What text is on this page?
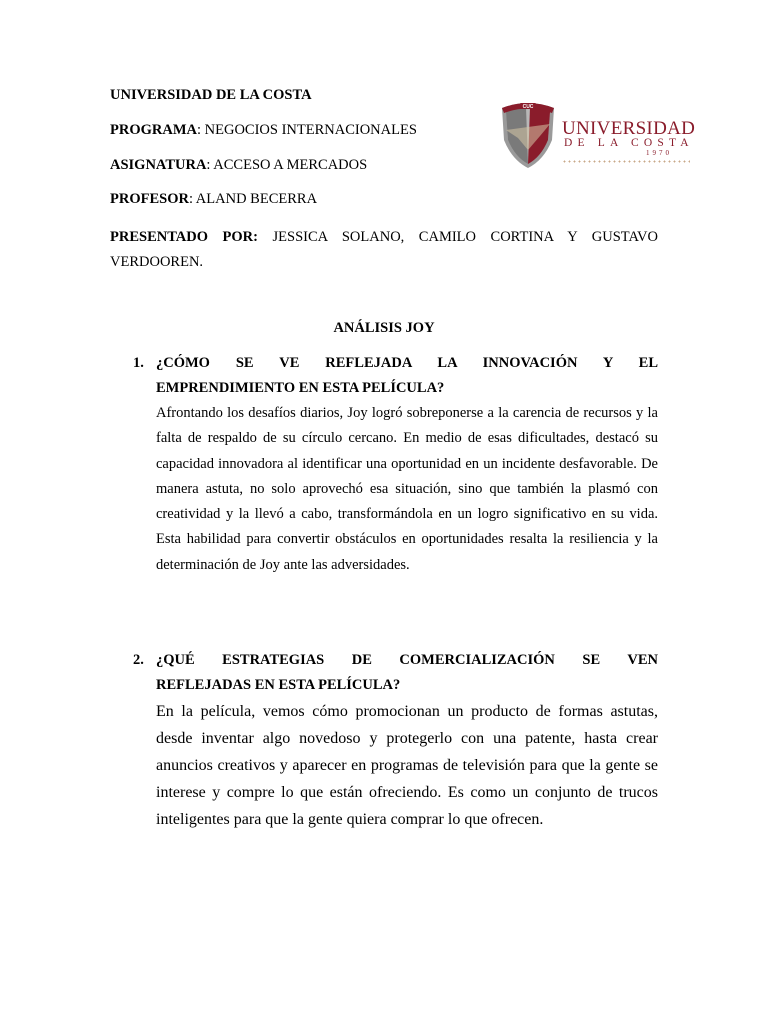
UNIVERSIDAD DE LA COSTA
PROGRAMA: NEGOCIOS INTERNACIONALES
ASIGNATURA: ACCESO A MERCADOS
PROFESOR: ALAND BECERRA
PRESENTADO POR: JESSICA SOLANO, CAMILO CORTINA Y GUSTAVO VERDOOREN.
CUC
UNIVERSIDAD
DE LA COSTA
1970
ANÁLISIS JOY
1. ¿CÓMO SE VE REFLEJADA LA INNOVACIÓN Y EL
EMPRENDIMIENTO EN ESTA PELÍCULA?
Afrontando los desafíos diarios, Joy logró sobreponerse a la carencia de recursos y la falta de respaldo de su círculo cercano. En medio de esas dificultades, destacó su capacidad innovadora al identificar una oportunidad en un incidente desfavorable. De manera astuta, no solo aprovechó esa situación, sino que también la plasmó con creatividad y la llevó a cabo, transformándola en un logro significativo en su vida. Esta habilidad para convertir obstáculos en oportunidades resalta la resiliencia y la determinación de Joy ante las adversidades.
2. ¿QUÉ ESTRATEGIAS DE COMERCIALIZACIÓN SE VEN
REFLEJADAS EN ESTA PELÍCULA?
En la película, vemos cómo promocionan un producto de formas astutas, desde inventar algo novedoso y protegerlo con una patente, hasta crear anuncios creativos y aparecer en programas de televisión para que la gente se interese y compre lo que están ofreciendo. Es como un conjunto de trucos inteligentes para que la gente quiera comprar lo que ofrecen.
